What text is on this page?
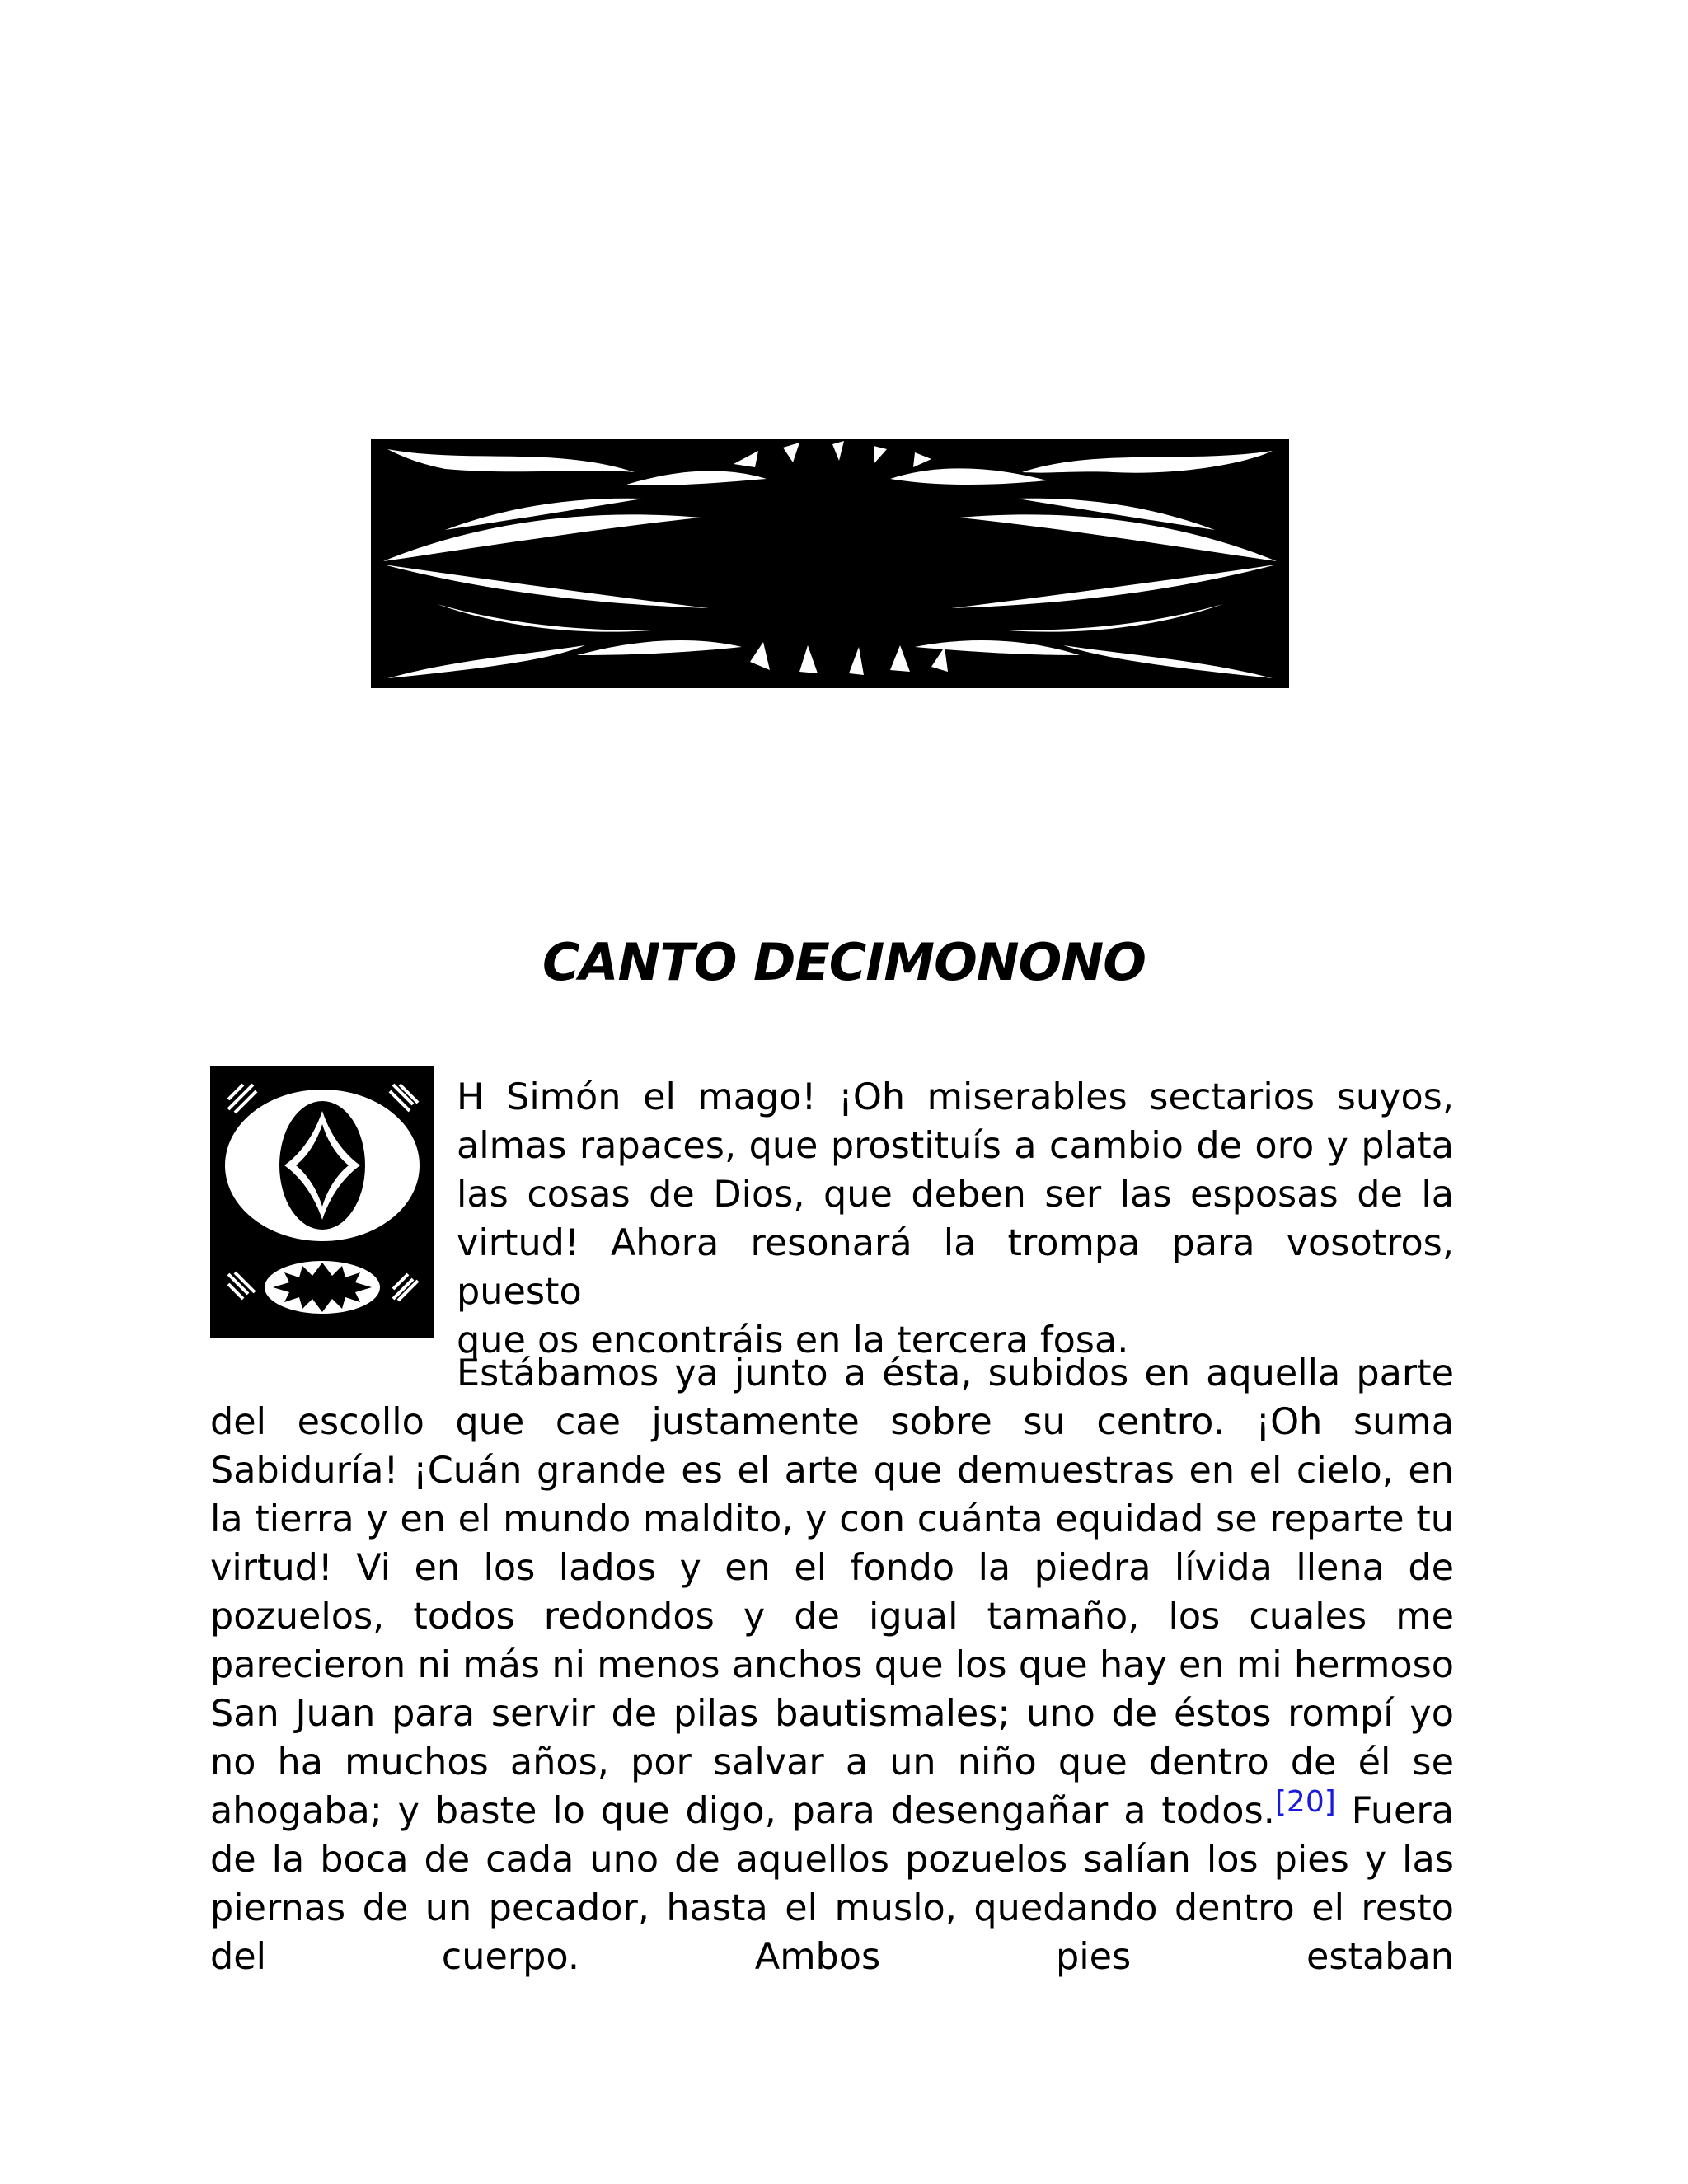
CANTO DECIMONONO
H Simón el mago! ¡Oh miserables sectarios suyos,
almas rapaces, que prostituís a cambio de oro y plata
las cosas de Dios, que deben ser las esposas de la
virtud! Ahora resonará la trompa para vosotros, puesto
que os encontráis en la tercera fosa.

Estábamos ya junto a ésta, subidos en aquella parte del escollo que cae justamente sobre su centro. ¡Oh suma Sabiduría! ¡Cuán grande es el arte que demuestras en el cielo, en la tierra y en el mundo maldito, y con cuánta equidad se reparte tu virtud! Vi en los lados y en el fondo la piedra lívida llena de pozuelos, todos redondos y de igual tamaño, los cuales me parecieron ni más ni menos anchos que los que hay en mi hermoso San Juan para servir de pilas bautismales; uno de éstos rompí yo no ha muchos años, por salvar a un niño que dentro de él se ahogaba; y baste lo que digo, para desengañar a todos.[20] Fuera de la boca de cada uno de aquellos pozuelos salían los pies y las piernas de un pecador, hasta el muslo, quedando dentro el resto del cuerpo. Ambos pies estaban
